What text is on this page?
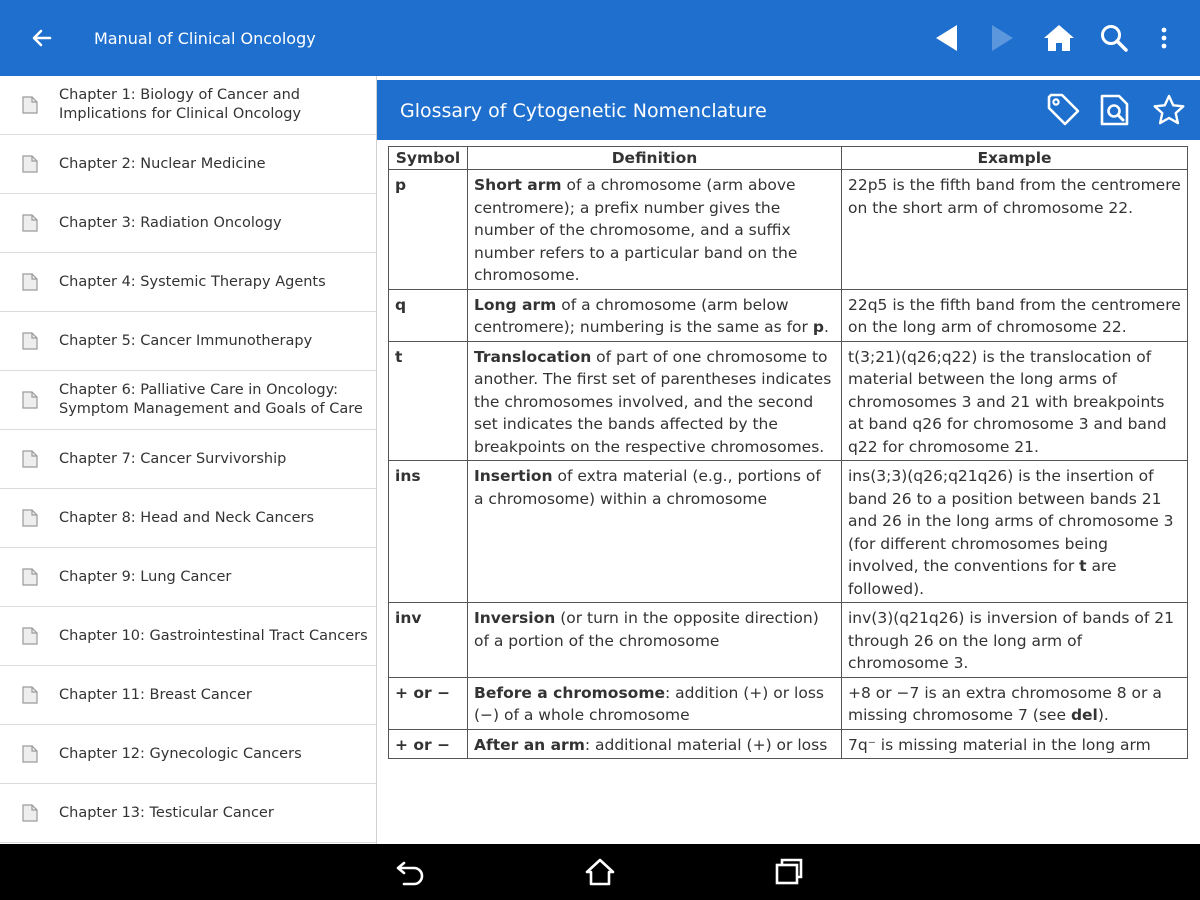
Manual of Clinical Oncology
Chapter 1: Biology of Cancer and
Implications for Clinical Oncology
Chapter 2: Nuclear Medicine
Chapter 3: Radiation Oncology
Chapter 4: Systemic Therapy Agents
Chapter 5: Cancer Immunotherapy
Chapter 6: Palliative Care in Oncology:
Symptom Management and Goals of Care
Chapter 7: Cancer Survivorship
Chapter 8: Head and Neck Cancers
Chapter 9: Lung Cancer
Chapter 10: Gastrointestinal Tract Cancers
Chapter 11: Breast Cancer
Chapter 12: Gynecologic Cancers
Chapter 13: Testicular Cancer
Glossary of Cytogenetic Nomenclature
Symbol	Definition	Example
p	Short arm of a chromosome (arm above centromere); a prefix number gives the number of the chromosome, and a suffix number refers to a particular band on the chromosome.	22p5 is the fifth band from the centromere on the short arm of chromosome 22.
q	Long arm of a chromosome (arm below centromere); numbering is the same as for p.	22q5 is the fifth band from the centromere on the long arm of chromosome 22.
t	Translocation of part of one chromosome to another. The first set of parentheses indicates the chromosomes involved, and the second set indicates the bands affected by the breakpoints on the respective chromosomes.	t(3;21)(q26;q22) is the translocation of material between the long arms of chromosomes 3 and 21 with breakpoints at band q26 for chromosome 3 and band q22 for chromosome 21.
ins	Insertion of extra material (e.g., portions of a chromosome) within a chromosome	ins(3;3)(q26;q21q26) is the insertion of band 26 to a position between bands 21 and 26 in the long arms of chromosome 3 (for different chromosomes being involved, the conventions for t are followed).
inv	Inversion (or turn in the opposite direction) of a portion of the chromosome	inv(3)(q21q26) is inversion of bands of 21 through 26 on the long arm of chromosome 3.
+ or −	Before a chromosome: addition (+) or loss (−) of a whole chromosome	+8 or −7 is an extra chromosome 8 or a missing chromosome 7 (see del).
+ or −	After an arm: additional material (+) or loss	7q⁻ is missing material in the long arm
